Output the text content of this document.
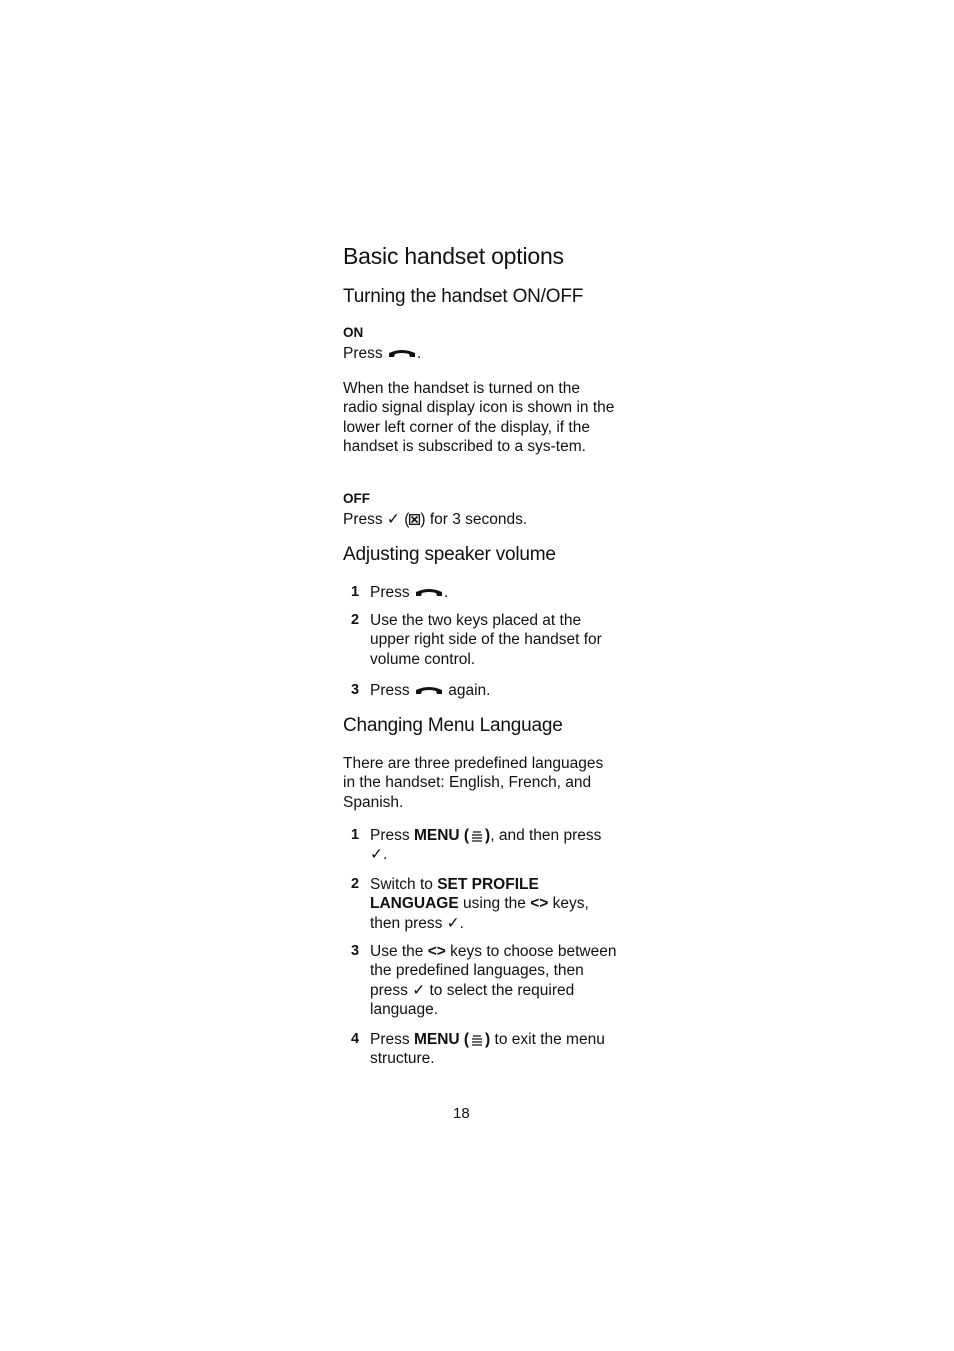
Basic handset options
Turning the handset ON/OFF
ON
Press .
When the handset is turned on the radio signal display icon is shown in the lower left corner of the display, if the handset is subscribed to a sys-tem.
OFF
Press ✓ ( ) for 3 seconds.
Adjusting speaker volume
1 Press .
2 Use the two keys placed at the upper right side of the handset for volume control.
3 Press again.
Changing Menu Language
There are three predefined languages in the handset: English, French, and Spanish.
1 Press MENU ( ), and then press ✓.
2 Switch to SET PROFILE LANGUAGE using the <> keys, then press ✓.
3 Use the <> keys to choose between the predefined languages, then press ✓ to select the required language.
4 Press MENU ( ) to exit the menu structure.
18
